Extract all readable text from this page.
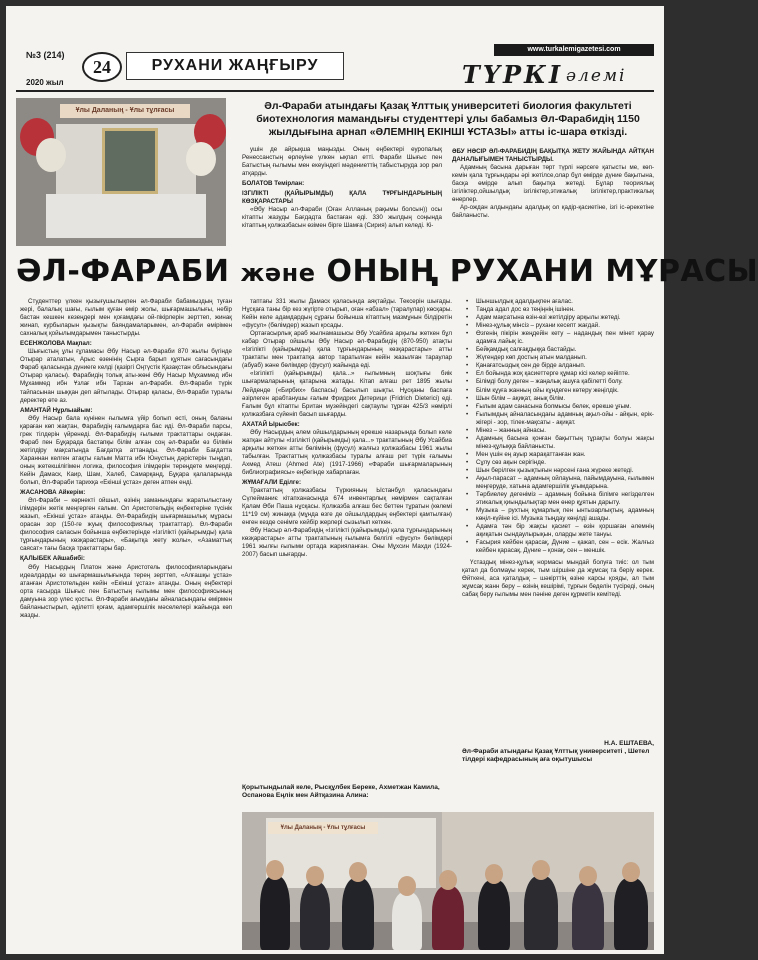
№3 (214)
2020 жыл
24	РУХАНИ ЖАҢҒЫРУ
www.turkalemigazetesi.com
ТҮРКІ әлемі
Ұлы Даланың - Ұлы тұлғасы	Әл-Фараби атындағы Қазақ Ұлттық университеті биология факультеті биотехнология мамандығы студенттері ұлы бабамыз Әл-Фарабидің 1150 жылдығына арнап «ӘЛЕМНІҢ ЕКІНШІ ҰСТАЗЫ» атты іс-шара өткізді.

ушін де айрықша маңызды. Оның еңбектері еуропалық Ренессанстың өрлеуіне үлкен ықпал етті. Фараби Шығыс пен Батыстың ғылымы мен екеуіндегі мәдениеттің табыстыруда зор рөл атқарды.

БОЛАТОВ Темірлан:

ІЗГІЛІКТІ (ҚАЙЫРЫМДЫ) ҚАЛА ТҰРҒЫНДАРЫНЫҢ КӨЗҚАРАСТАРЫ

«Әбу Насыр әл-Фараби (Оған Алланың рақымы болсын)) осы кітапты жазуды Бағдадта бастаған еді. 330 жылдың соңында кітаптың қолжазбасын өзімен бірге Шамға (Сирия) алып келеді. Кі-

ӘБУ НӘСІР ӘЛ-ФАРАБИДІҢ БАҚЫТҚА ЖЕТУ ЖАЙЫНДА АЙТҚАН ДАНАЛЫҒЫМЕН ТАНЫСТЫРДЫ.

Адамның басына дарыған төрт түрлі нәрсеге қатысты ме, көп-кемін қала тұрғындары әрі жетілсе,олар бұл өмірде дүние бақытына, басқа өмірде алып бақытқа жетеді. Бұлар теориялық ізгіліктер,ойшылдық ізгіліктер,этикалық ізгіліктер,практикалық өнерлер.

Ар-ождан алдындағы адалдық ол қадір-қасиетіне, ізгі іс-әрекетіне байланысты.

ӘЛ-ФАРАБИ және ОНЫҢ РУХАНИ МҰРАСЫ

Студенттер үлкен қызығушылықпен әл-Фараби бабамыздың туған жері, балалық шағы, ғылым қуған өмір жолы, шығармашылығы, небір бастан кешкен кезеңдері мен қоғамдағы ой-пікірлерін зерттеп, жинақ жинап, курбыларын қызықты баяндамаларымен, әл-Фараби өмірімен сахналық қойылымдарымен таныстырды.

ЕСЕНЖОЛОВА Мақпал:

Шығыстың ұлы ғұламасы Әбу Насыр әл-Фараби 870 жылы бүгінде Отырар аталатын, Арыс өзенінің Сырға барып құятын сағасындағы Фараб қаласында дүниеге келді (қазіргі Оңтүстік Қазақстан облысындағы Отырар қаласы). Фарабидің толық аты-жөні Әбу Насыр Мұхаммед ибн Мұхаммед ибн Ұзлағ ибн Тархан әл-Фараби. Әл-Фараби түрік тайпасынан шыққан деп айтылады. Отырар қаласы, Әл-Фараби туралы деректер өте аз.

АМАНТАЙ Нұрлыайым:

Әбу Насыр бала күнінен ғылымға үйір болып өсті, оның баланы қараған көп жақтан, Фарабидің ғалымдарға бас иді. Әл-Фараби парсы, грек тілдерін үйренеді. Әл-Фарабидің ғылыми трактаттары ондаған. Фараб пен Бұқарада бастапқы білім алған соң әл-Фараби өз білімін жетілдіру мақсатында Бағдатқа аттанады. Әл-Фараби Бағдатта Хараннан келген атақты ғалым Матта ибн Юнустың дәрістерін тыңдап, оның жетекшілігімен логика, философия ілімдерін тереңдете меңгерді. Кейін Дамаск, Каир, Шам, Халеб, Самарқанд, Бұқара қалаларында болып, Әл-Фараби тарихқа «Екінші ұстаз» деген атпен енді.

ЖАСАНОВА Айкерім:

Әл-Фараби – көрнекті ойшыл, өзінің заманындағы жаратылыстану ілімдерін жетік меңгерген ғалым. Ол Аристотельдің еңбектеріне түсінік жазып, «Екінші ұстаз» атанды. Әл-Фарабидің шығармашылық мұрасы орасан зор (150-ге жуық философиялық трактаттар). Әл-Фараби философия саласын бойынша еңбектерінде «Ізгілікті (қайырымды) қала тұрғындарының көзқарастары», «Бақытқа жету жолы», «Азаматтық саясат» тағы басқа трактаттары бар.

ҚАЛЫБЕК Айшабибі:

Әбу Насырдың Платон және Аристотель философияларындағы идеалдарды өз шығармашылығында терең зерттеп, «Алғашқы ұстаз» атанған Аристотельден кейін «Екінші ұстаз» атанды. Оның еңбектері орта ғасырда Шығыс пен Батыстың ғылымы мен философиясының дамуына зор үлес қосты. Әл-Фараби ағымдағы айналасындағы өмірмен байланыстырып, әділетті қоғам, адамгершілік мәселелері жайында көп жазды.

таптағы 331 жылы Дамаск қаласында аяқтайды. Тексерін шығады. Нұсқаға таны бір кез жүгірте отырып, оған «абзал» (таралулар) көсқары. Кейін келе адамдардың сұрағы бойынша кітаптың мазмұнын білдіретін «фусул» (бөлімдер) жазып қосады.

Ортағасырлық араб жылнамашысы Әбу Усайбиа арқылы жеткен бұл кабар Отырар ойшылы Әбу Насыр әл-Фарабидің (870-950) атақты «Ізгілікті (қайырымды) қала тұрғындарының көзқарастары» атты трактаты мен трактатқа автор таратылған кейін жазылған тараулар (абуаб) және бөлімдер (фусул) жайында еді.

«Ізгілікті (қайырымды) қала...» ғылымның шоқтығы биік шығармаларының қатарына жатады. Кітап алғаш рет 1895 жылы Лейденде («Бирбих» баспасы) басылып шықты. Нұсқаны баспаға әзірлеген арабтанушы ғалым Фридрих Дитерици (Fridrich Dieterici) еді. Ғалым бұл кітапты Британ музейіндегі сақтаулы тұрған 425/3 нөмірлі қолжазбаға сүйеніп басып шығарды.

АХАТАЙ Ырысбек:

Әбу Насырдың әлем ойшылдарының ерекше назарында болып келе жатқан айтулы «Ізгілікті (қайырымды) қала...» трактатының Әбу Усайбиа арқылы жеткен атты бөлімінің (фусул) жалғыз қолжазбасы 1961 жылы табылған. Трактаттың қолжазбасы туралы алғаш рет түрік ғалымы Ахмед Атеш (Ahmed Ate) (1917-1966) «Фараби шығармаларының библиографиясы» еңбегінде хабарлаған.

ЖҰМАҒАЛИ Еділге:

Трактаттың қолжазбасы Түркияның Ыстанбұл қаласындағы Сүлейманиє кітапханасында 674 инвентарлық нөмірмен сақталған Қалам Әби Паша нұсқасы. Қолжазба алғаш бес беттен тұратын (көлемі 11*19 см) жинаққа (мұнда өзге де ойшылдардың еңбектері қамтылған) енген кезде сенімге кейбір жерлері сызылып кеткен.

Әбу Насыр әл-Фарабидің «Ізгілікті (қайырымды) қала тұрғындарының көзқарастары» атты трактатының ғылымға белгілі «фусул» бөлімдері 1961 жылғы ғылыми ортада жарияланған. Оны Мұхсин Махди (1924-2007) басып шығарды.

• Шыншылдық адалдықпен ағалас.
• Таңда адал дос өз теңіңнің ішінен.
• Адам мақсатына өзін-өзі жетілдіру арқылы жетеді.
• Мінез-құлық мінсіз – рухани кесепт жағдай.
• Өзгенің пікірін жеңдейін кету – надандық пен мінет қарау адамға лайық іс.
• Бейқамдық салғақдыққа бастайды.
• Жүгендер көп достың атын малданып.
• Қанағатсыздық сен де бірде алданып.
• Ел бойында жоқ қасиеттерге құмар кісі келер кейіпте.
• Білімді болу деген – жаңалық ашуға қабілетті болу.
• Білім кұуға жанның ойы кұндеген көтеру жеңілдік.
• Шын білім – ақиқат, анық білім.
• Ғылым адам санасына болмысы белек, ерекше ұғым.
• Ғылымдың айналасындағы адамның ақыл-ойы - айқын, ерік-жігері - зор, тілек-мақсаты - ақиқат.
• Мінез – жанның айнасы.
• Адамның басына қонған бақыттың тұрақты болуы жақсы мінез-құлыққа байланысты.
• Мен үшін ең ауыр жарақаттанған жан.
• Сұлу сөз ақын серігінде.
• Шын берілген қызықтығын нәрсені ғана жүреке жетеді.
• Ақыл-парасат – адамның ойлауына, пайымдауына, ғылымен меңгеруде, хатына адамгершілік ұғымдарына.
• Тәрбиелеу дегеніміз – адамның бойына білімге негізделген этикалық қиындылықтар мен өнер құятын дарыту.
• Музыка – рухтың кұмарлық пен ынтызарлықтың, адамның көңіл-күйіне ісі. Музыка тыңдау көңілді ашады.
• Адамға тән бір жақсы қасиет – өзін қоршаған әлемнің ақиқатын сындаулырықын, оларды жете тануы.
• Ғасырия кейбен қарасақ, Дүние – қажап, сен – есік. Жалғыз кейбен қарасақ, Дүние – қонақ, сен – меншік.

Үстаздық мінез-құлық нормасы мындай болуға тиіс: ол тым қатал да болмауы керек, тым шіршіне да жұмсақ та беріу керек. Өйткені, аса қаталдық – шәкірттің өзіне карсы қояды, ал тым жұмсақ жанн беру – өзінің кешірімі, тұрғын беделін түсіреді, оның сабақ беру ғылымы мен пәніне деген құрметін кемітеді.

Н.А. ЕШТАЕВА,
Әл-Фараби атындағы Қазақ Ұлттық университеті , Шетел тілдері кафедрасының аға оқытушысы
Қорытындылай келе, Рысқұлбек Береке, Ахметжан Камила, Оспанова Еңлік мен Айтқазина Алина:
Ұлы Даланың - Ұлы тұлғасы
